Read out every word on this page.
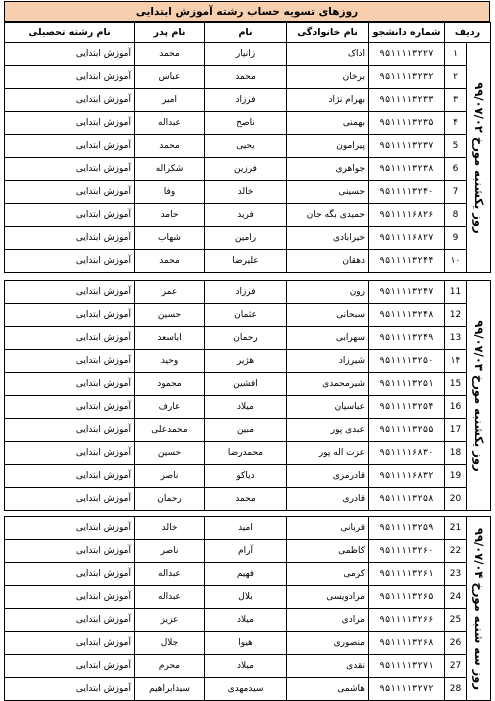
روزهای تسویه حساب رشته آموزش ابتدایی
ردیف		شماره دانشجو	نام خانوادگی	نام	نام پدر	نام رشته تحصیلی

روز یکشنبه مورخ ۹۹/۰۷/۰۲	۱	۹۵۱۱۱۱۳۲۲۷	اداک	زانیار	محمد	آموزش ابتدایی
	۲	۹۵۱۱۱۱۳۲۳۲	برخان	محمد	عباس	آموزش ابتدایی
	۳	۹۵۱۱۱۱۳۲۳۳	بهرام نژاد	فرزاد	امیر	آموزش ابتدایی
	۴	۹۵۱۱۱۱۳۲۳۵	بهمنی	ناصح	عبداله	آموزش ابتدایی
	5	۹۵۱۱۱۱۳۲۳۷	پیرامون	یحیی	محمد	آموزش ابتدایی
	6	۹۵۱۱۱۱۳۲۳۸	جواهری	فرزین	شکراله	آموزش ابتدایی
	7	۹۵۱۱۱۱۳۲۴۰	حسینی	خالد	وفا	آموزش ابتدایی
	8	۹۵۱۱۱۱۶۸۲۶	حمیدی بگه جان	فرید	حامد	آموزش ابتدایی
	9	۹۵۱۱۱۱۶۸۲۷	خیرابادی	رامین	شهاب	آموزش ابتدایی
	۱۰	۹۵۱۱۱۱۳۲۴۴	دهقان	علیرضا	محمد	آموزش ابتدایی
روز یکشنبه مورخ ۹۹/۰۷/۰۳	11	۹۵۱۱۱۱۳۲۴۷	رون	فرزاد	عمر	آموزش ابتدایی
	12	۹۵۱۱۱۱۳۲۴۸	سبحانی	عثمان	حسین	آموزش ابتدایی
	13	۹۵۱۱۱۱۳۲۴۹	سهرابی	رحمان	اباسعد	آموزش ابتدایی
	۱۴	۹۵۱۱۱۱۳۲۵۰	شیرزاد	هژیر	وحید	آموزش ابتدایی
	15	۹۵۱۱۱۱۳۲۵۱	شیرمحمدی	افشین	محمود	آموزش ابتدایی
	16	۹۵۱۱۱۱۳۲۵۴	عباسیان	میلاد	عارف	آموزش ابتدایی
	17	۹۵۱۱۱۱۳۲۵۵	عبدی پور	مبین	محمدعلی	آموزش ابتدایی
	18	۹۵۱۱۱۱۶۸۳۰	عزت اله پور	محمدرضا	حسین	آموزش ابتدایی
	19	۹۵۱۱۱۱۶۸۳۲	قادرمزی	دیاکو	ناصر	آموزش ابتدایی
	20	۹۵۱۱۱۱۳۲۵۸	قادری	محمد	رحمان	آموزش ابتدایی
روز سه شنبه مورخ ۹۹/۰۷/۰۴	21	۹۵۱۱۱۱۳۲۵۹	قربانی	امید	خالد	آموزش ابتدایی
	22	۹۵۱۱۱۱۳۲۶۰	کاظمی	آرام	ناصر	آموزش ابتدایی
	23	۹۵۱۱۱۱۳۲۶۱	کرمی	فهیم	عبداله	آموزش ابتدایی
	24	۹۵۱۱۱۱۳۲۶۵	مرادویسی	بلال	عبداله	آموزش ابتدایی
	25	۹۵۱۱۱۱۳۲۶۶	مرادی	میلاد	عزیز	آموزش ابتدایی
	26	۹۵۱۱۱۱۳۲۶۸	منصوری	هیوا	جلال	آموزش ابتدایی
	27	۹۵۱۱۱۱۳۲۷۱	نقدی	میلاد	محرم	آموزش ابتدایی
	28	۹۵۱۱۱۱۳۲۷۲	هاشمی	سیدمهدی	سیدابراهیم	آموزش ابتدایی
